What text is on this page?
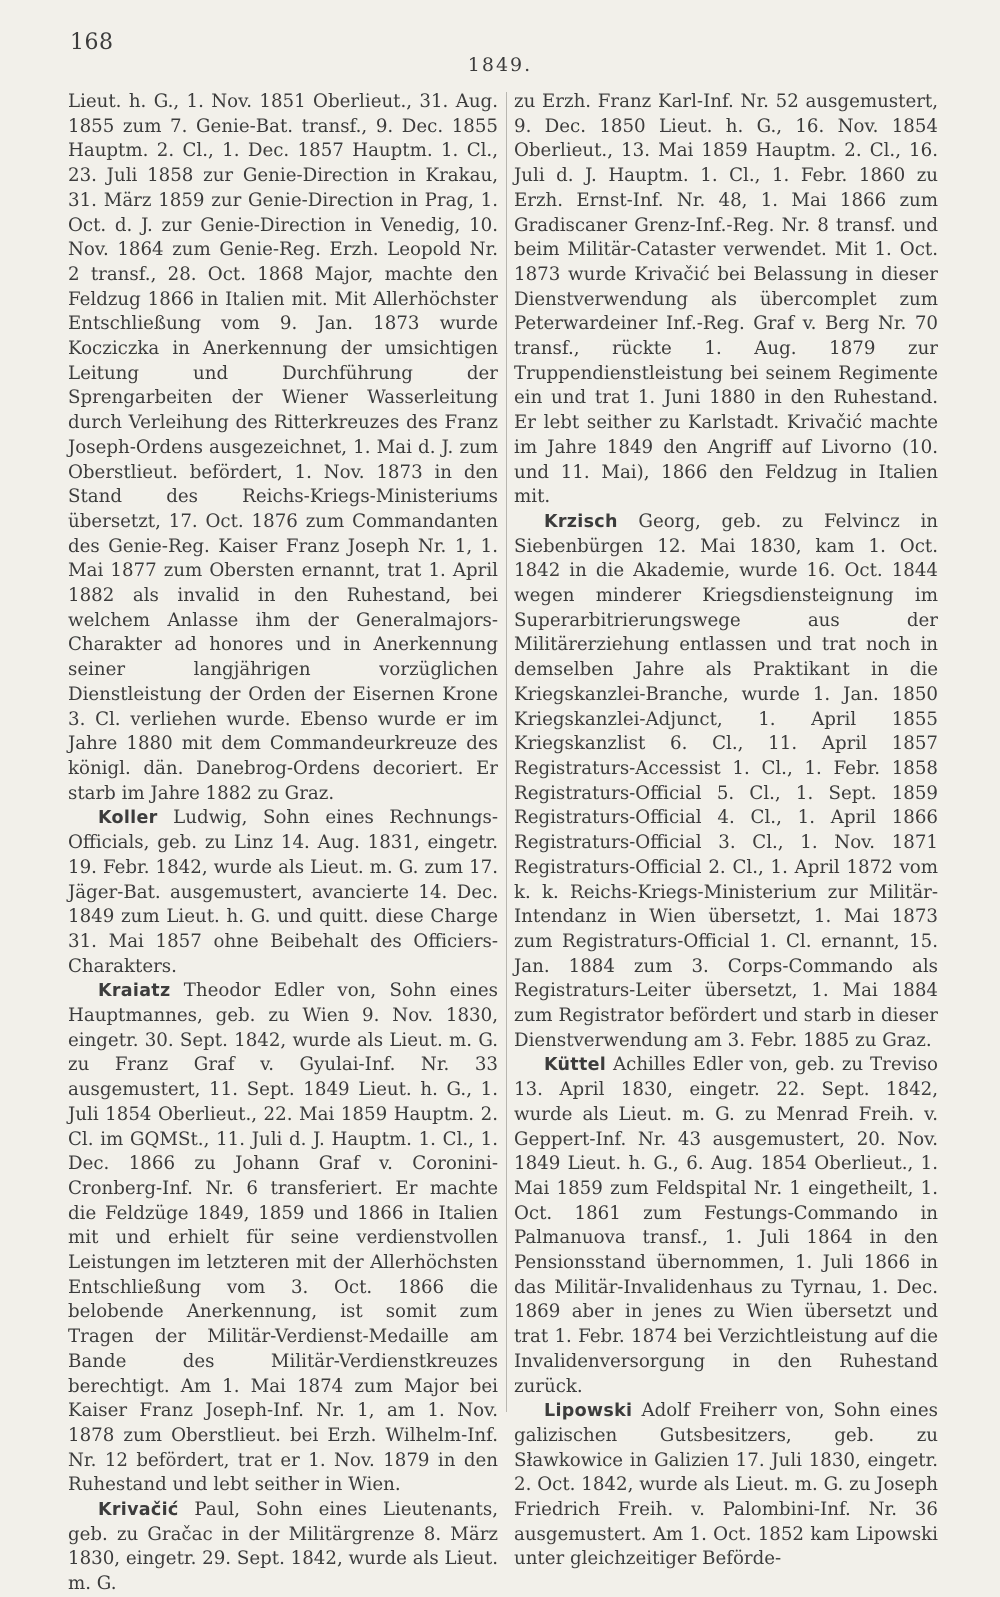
168
1849.

Lieut. h. G., 1. Nov. 1851 Oberlieut., 31. Aug. 1855 zum 7. Genie-Bat. transf., 9. Dec. 1855 Hauptm. 2. Cl., 1. Dec. 1857 Hauptm. 1. Cl., 23. Juli 1858 zur Genie-Direction in Krakau, 31. März 1859 zur Genie-Direction in Prag, 1. Oct. d. J. zur Genie-Direction in Venedig, 10. Nov. 1864 zum Genie-Reg. Erzh. Leopold Nr. 2 transf., 28. Oct. 1868 Major, machte den Feldzug 1866 in Italien mit. Mit Allerhöchster Entschließung vom 9. Jan. 1873 wurde Kocziczka in Anerkennung der umsichtigen Leitung und Durchführung der Sprengarbeiten der Wiener Wasserleitung durch Verleihung des Ritterkreuzes des Franz Joseph-Ordens ausgezeichnet, 1. Mai d. J. zum Oberstlieut. befördert, 1. Nov. 1873 in den Stand des Reichs-Kriegs-Ministeriums übersetzt, 17. Oct. 1876 zum Commandanten des Genie-Reg. Kaiser Franz Joseph Nr. 1, 1. Mai 1877 zum Obersten ernannt, trat 1. April 1882 als invalid in den Ruhestand, bei welchem Anlasse ihm der Generalmajors-Charakter ad honores und in Anerkennung seiner langjährigen vorzüglichen Dienstleistung der Orden der Eisernen Krone 3. Cl. verliehen wurde. Ebenso wurde er im Jahre 1880 mit dem Commandeurkreuze des königl. dän. Danebrog-Ordens decoriert. Er starb im Jahre 1882 zu Graz.

Koller Ludwig, Sohn eines Rechnungs-Officials, geb. zu Linz 14. Aug. 1831, eingetr. 19. Febr. 1842, wurde als Lieut. m. G. zum 17. Jäger-Bat. ausgemustert, avancierte 14. Dec. 1849 zum Lieut. h. G. und quitt. diese Charge 31. Mai 1857 ohne Beibehalt des Officiers-Charakters.

Kraiatz Theodor Edler von, Sohn eines Hauptmannes, geb. zu Wien 9. Nov. 1830, eingetr. 30. Sept. 1842, wurde als Lieut. m. G. zu Franz Graf v. Gyulai-Inf. Nr. 33 ausgemustert, 11. Sept. 1849 Lieut. h. G., 1. Juli 1854 Oberlieut., 22. Mai 1859 Hauptm. 2. Cl. im GQMSt., 11. Juli d. J. Hauptm. 1. Cl., 1. Dec. 1866 zu Johann Graf v. Coronini-Cronberg-Inf. Nr. 6 transferiert. Er machte die Feldzüge 1849, 1859 und 1866 in Italien mit und erhielt für seine verdienstvollen Leistungen im letzteren mit der Allerhöchsten Entschließung vom 3. Oct. 1866 die belobende Anerkennung, ist somit zum Tragen der Militär-Verdienst-Medaille am Bande des Militär-Verdienstkreuzes berechtigt. Am 1. Mai 1874 zum Major bei Kaiser Franz Joseph-Inf. Nr. 1, am 1. Nov. 1878 zum Oberstlieut. bei Erzh. Wilhelm-Inf. Nr. 12 befördert, trat er 1. Nov. 1879 in den Ruhestand und lebt seither in Wien.

Krivačić Paul, Sohn eines Lieutenants, geb. zu Gračac in der Militärgrenze 8. März 1830, eingetr. 29. Sept. 1842, wurde als Lieut. m. G.

zu Erzh. Franz Karl-Inf. Nr. 52 ausgemustert, 9. Dec. 1850 Lieut. h. G., 16. Nov. 1854 Oberlieut., 13. Mai 1859 Hauptm. 2. Cl., 16. Juli d. J. Hauptm. 1. Cl., 1. Febr. 1860 zu Erzh. Ernst-Inf. Nr. 48, 1. Mai 1866 zum Gradiscaner Grenz-Inf.-Reg. Nr. 8 transf. und beim Militär-Cataster verwendet. Mit 1. Oct. 1873 wurde Krivačić bei Belassung in dieser Dienstverwendung als übercomplet zum Peterwardeiner Inf.-Reg. Graf v. Berg Nr. 70 transf., rückte 1. Aug. 1879 zur Truppendienstleistung bei seinem Regimente ein und trat 1. Juni 1880 in den Ruhestand. Er lebt seither zu Karlstadt. Krivačić machte im Jahre 1849 den Angriff auf Livorno (10. und 11. Mai), 1866 den Feldzug in Italien mit.

Krzisch Georg, geb. zu Felvincz in Siebenbürgen 12. Mai 1830, kam 1. Oct. 1842 in die Akademie, wurde 16. Oct. 1844 wegen minderer Kriegsdiensteignung im Superarbitrierungswege aus der Militärerziehung entlassen und trat noch in demselben Jahre als Praktikant in die Kriegskanzlei-Branche, wurde 1. Jan. 1850 Kriegskanzlei-Adjunct, 1. April 1855 Kriegskanzlist 6. Cl., 11. April 1857 Registraturs-Accessist 1. Cl., 1. Febr. 1858 Registraturs-Official 5. Cl., 1. Sept. 1859 Registraturs-Official 4. Cl., 1. April 1866 Registraturs-Official 3. Cl., 1. Nov. 1871 Registraturs-Official 2. Cl., 1. April 1872 vom k. k. Reichs-Kriegs-Ministerium zur Militär-Intendanz in Wien übersetzt, 1. Mai 1873 zum Registraturs-Official 1. Cl. ernannt, 15. Jan. 1884 zum 3. Corps-Commando als Registraturs-Leiter übersetzt, 1. Mai 1884 zum Registrator befördert und starb in dieser Dienstverwendung am 3. Febr. 1885 zu Graz.

Küttel Achilles Edler von, geb. zu Treviso 13. April 1830, eingetr. 22. Sept. 1842, wurde als Lieut. m. G. zu Menrad Freih. v. Geppert-Inf. Nr. 43 ausgemustert, 20. Nov. 1849 Lieut. h. G., 6. Aug. 1854 Oberlieut., 1. Mai 1859 zum Feldspital Nr. 1 eingetheilt, 1. Oct. 1861 zum Festungs-Commando in Palmanuova transf., 1. Juli 1864 in den Pensionsstand übernommen, 1. Juli 1866 in das Militär-Invalidenhaus zu Tyrnau, 1. Dec. 1869 aber in jenes zu Wien übersetzt und trat 1. Febr. 1874 bei Verzichtleistung auf die Invalidenversorgung in den Ruhestand zurück.

Lipowski Adolf Freiherr von, Sohn eines galizischen Gutsbesitzers, geb. zu Sławkowice in Galizien 17. Juli 1830, eingetr. 2. Oct. 1842, wurde als Lieut. m. G. zu Joseph Friedrich Freih. v. Palombini-Inf. Nr. 36 ausgemustert. Am 1. Oct. 1852 kam Lipowski unter gleichzeitiger Beförde-
